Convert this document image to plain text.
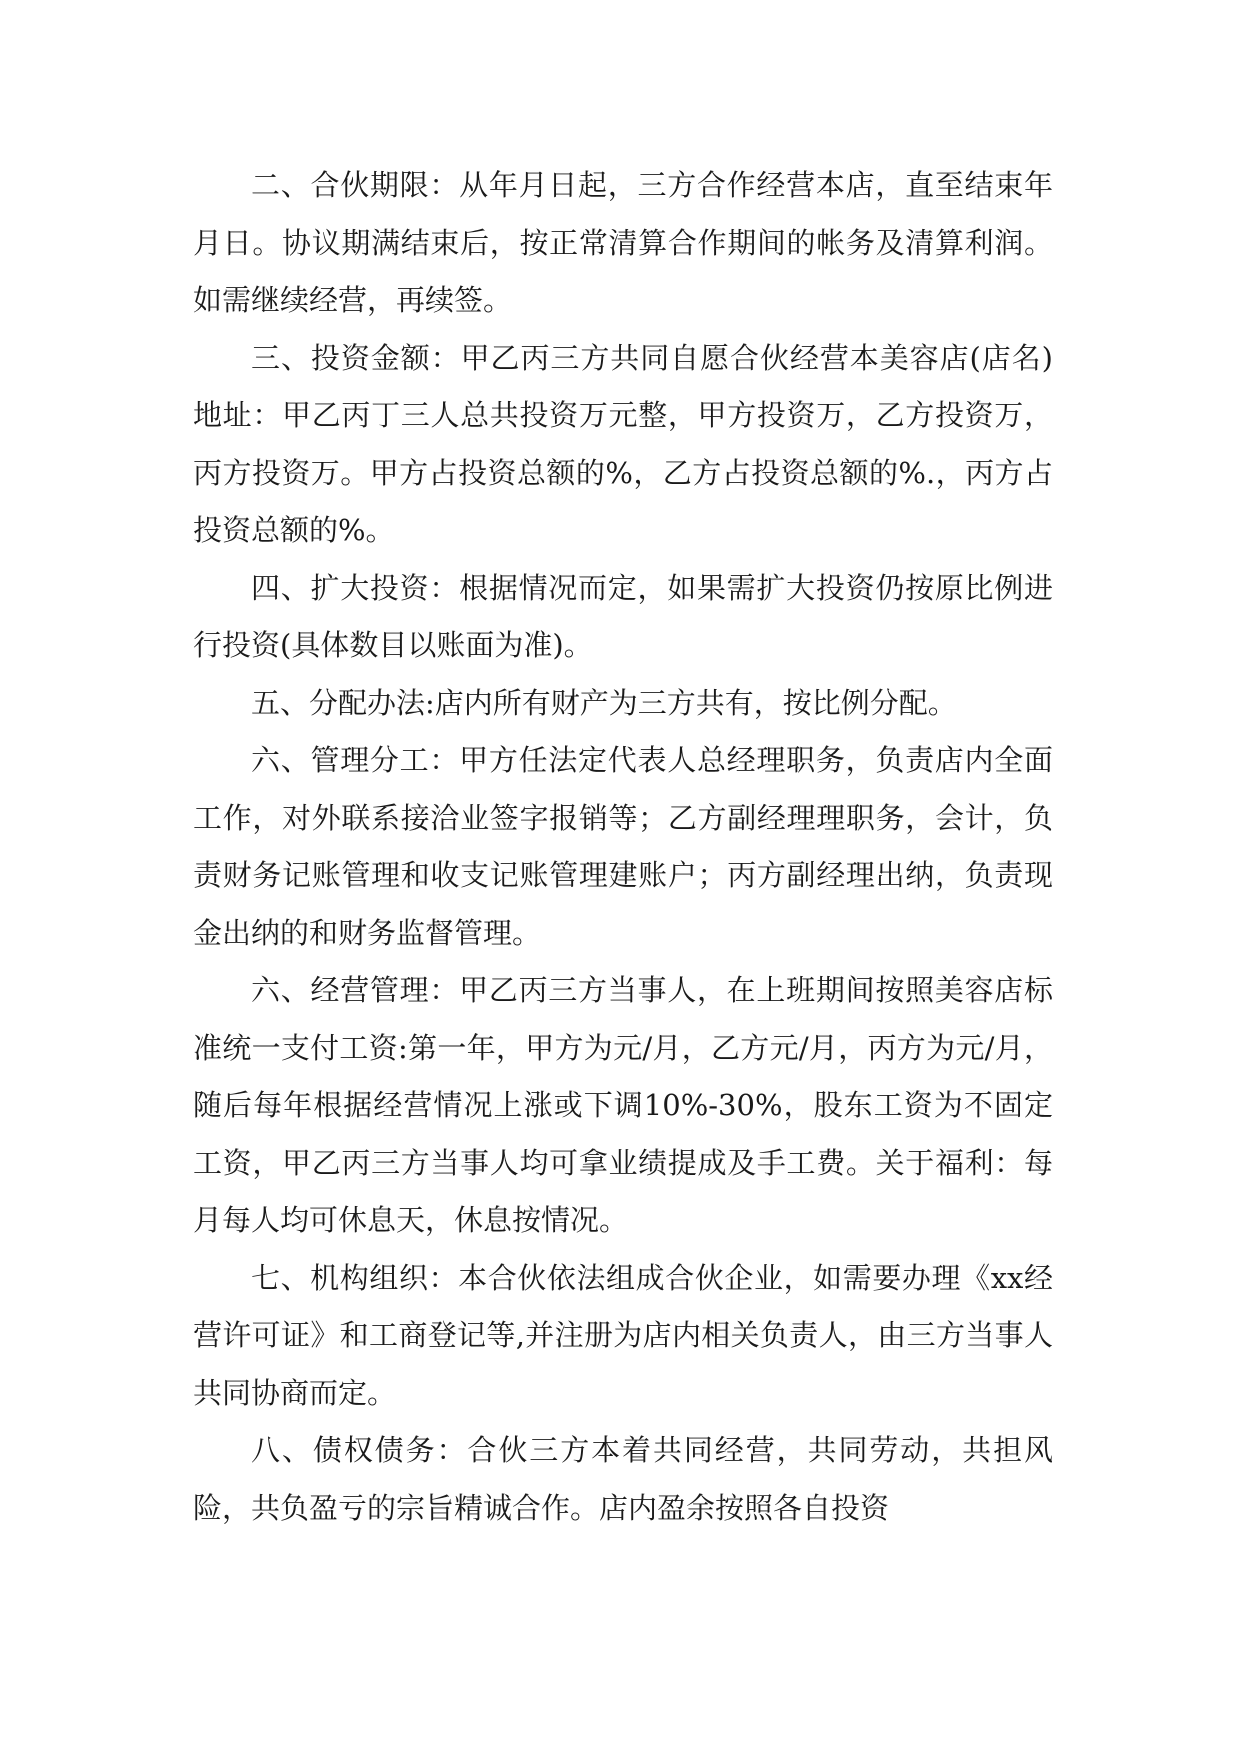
二、合伙期限：从年月日起，三方合作经营本店，直至结束年月日。协议期满结束后，按正常清算合作期间的帐务及清算利润。如需继续经营，再续签。

三、投资金额：甲乙丙三方共同自愿合伙经营本美容店(店名)地址：甲乙丙丁三人总共投资万元整，甲方投资万，乙方投资万，丙方投资万。甲方占投资总额的%，乙方占投资总额的%.，丙方占投资总额的%。

四、扩大投资：根据情况而定，如果需扩大投资仍按原比例进行投资(具体数目以账面为准)。

五、分配办法:店内所有财产为三方共有，按比例分配。

六、管理分工：甲方任法定代表人总经理职务，负责店内全面工作，对外联系接洽业签字报销等；乙方副经理理职务，会计，负责财务记账管理和收支记账管理建账户；丙方副经理出纳，负责现金出纳的和财务监督管理。

六、经营管理：甲乙丙三方当事人，在上班期间按照美容店标准统一支付工资:第一年，甲方为元/月，乙方元/月，丙方为元/月，随后每年根据经营情况上涨或下调10%-30%，股东工资为不固定工资，甲乙丙三方当事人均可拿业绩提成及手工费。关于福利：每月每人均可休息天，休息按情况。

七、机构组织：本合伙依法组成合伙企业，如需要办理《xx经营许可证》和工商登记等,并注册为店内相关负责人，由三方当事人共同协商而定。

八、债权债务：合伙三方本着共同经营，共同劳动，共担风险，共负盈亏的宗旨精诚合作。店内盈余按照各自投资
